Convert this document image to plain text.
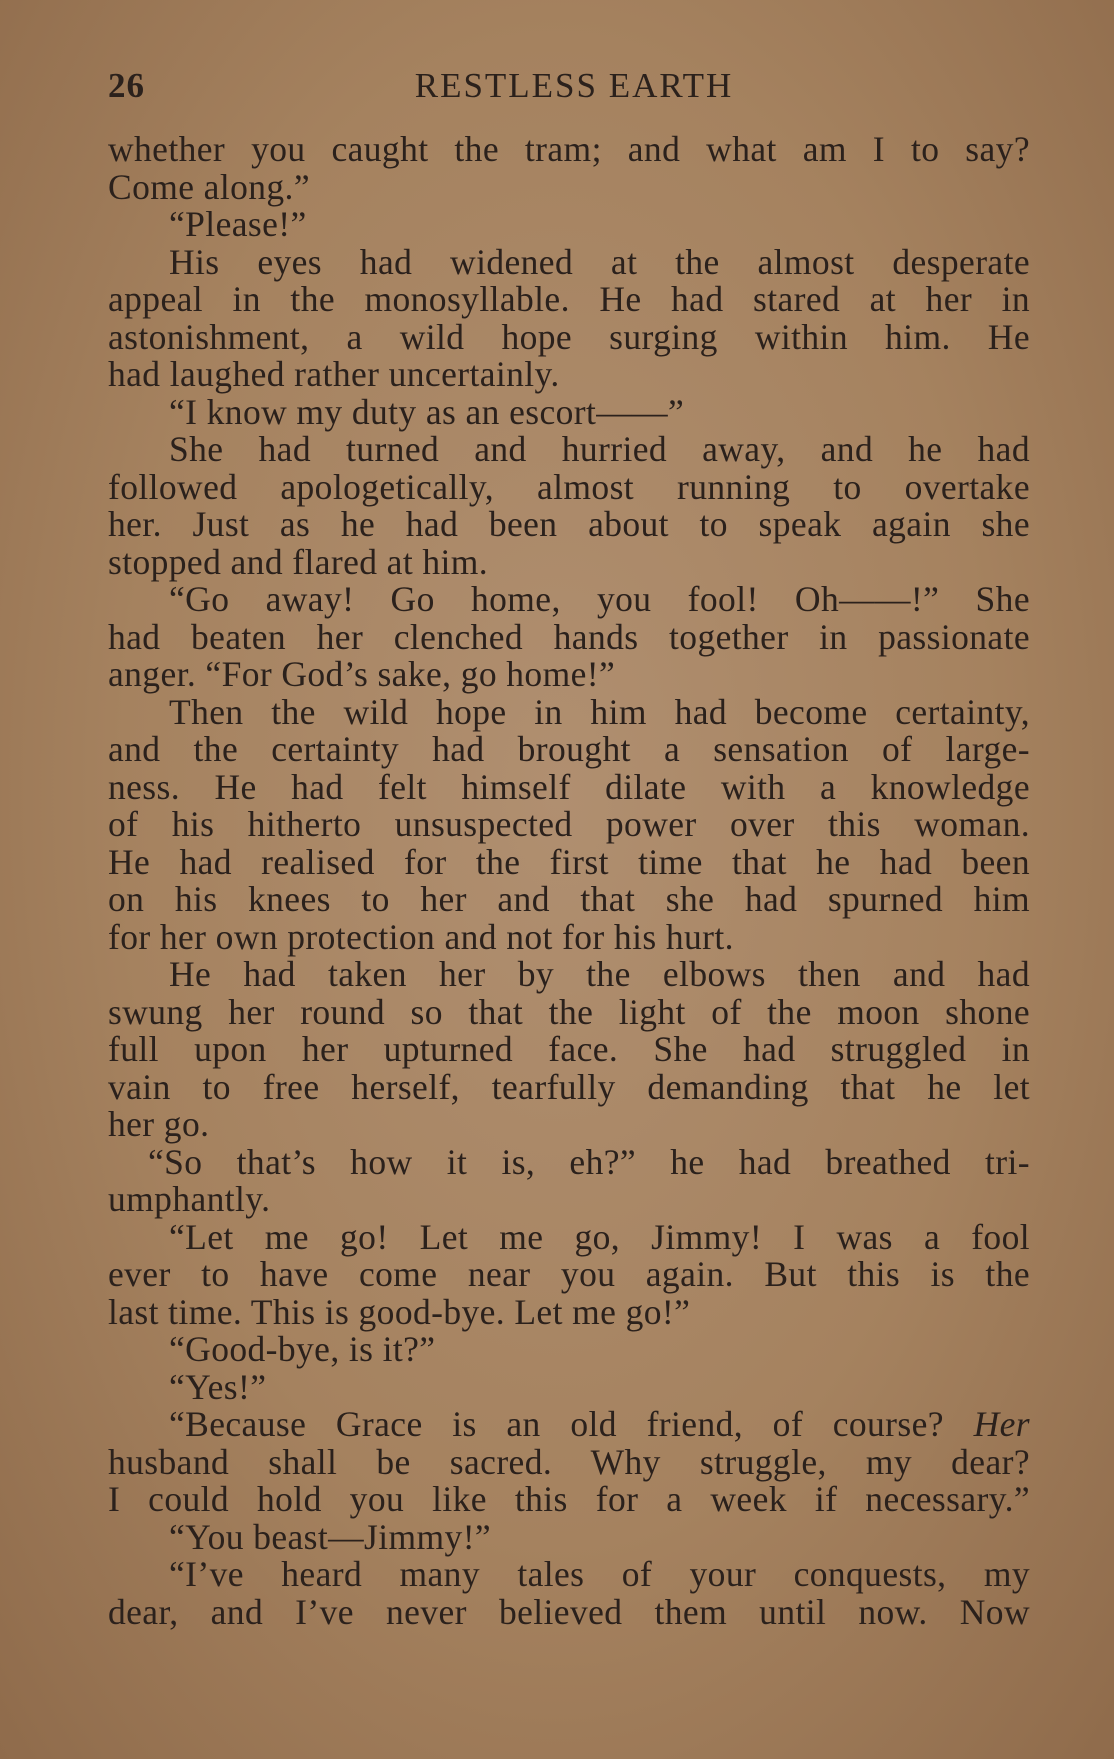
26	RESTLESS EARTH
whether you caught the tram; and what am I to say?
Come along.”
“Please!”
His eyes had widened at the almost desperate
appeal in the monosyllable. He had stared at her in
astonishment, a wild hope surging within him. He
had laughed rather uncertainly.
“I know my duty as an escort——”
She had turned and hurried away, and he had
followed apologetically, almost running to overtake
her. Just as he had been about to speak again she
stopped and flared at him.
“Go away! Go home, you fool! Oh——!” She
had beaten her clenched hands together in passionate
anger. “For God’s sake, go home!”
Then the wild hope in him had become certainty,
and the certainty had brought a sensation of large-
ness. He had felt himself dilate with a knowledge
of his hitherto unsuspected power over this woman.
He had realised for the first time that he had been
on his knees to her and that she had spurned him
for her own protection and not for his hurt.
He had taken her by the elbows then and had
swung her round so that the light of the moon shone
full upon her upturned face. She had struggled in
vain to free herself, tearfully demanding that he let
her go.
“So that’s how it is, eh?” he had breathed tri-
umphantly.
“Let me go! Let me go, Jimmy! I was a fool
ever to have come near you again. But this is the
last time. This is good-bye. Let me go!”
“Good-bye, is it?”
“Yes!”
“Because Grace is an old friend, of course? Her
husband shall be sacred. Why struggle, my dear?
I could hold you like this for a week if necessary.”
“You beast—Jimmy!”
“I’ve heard many tales of your conquests, my
dear, and I’ve never believed them until now. Now
